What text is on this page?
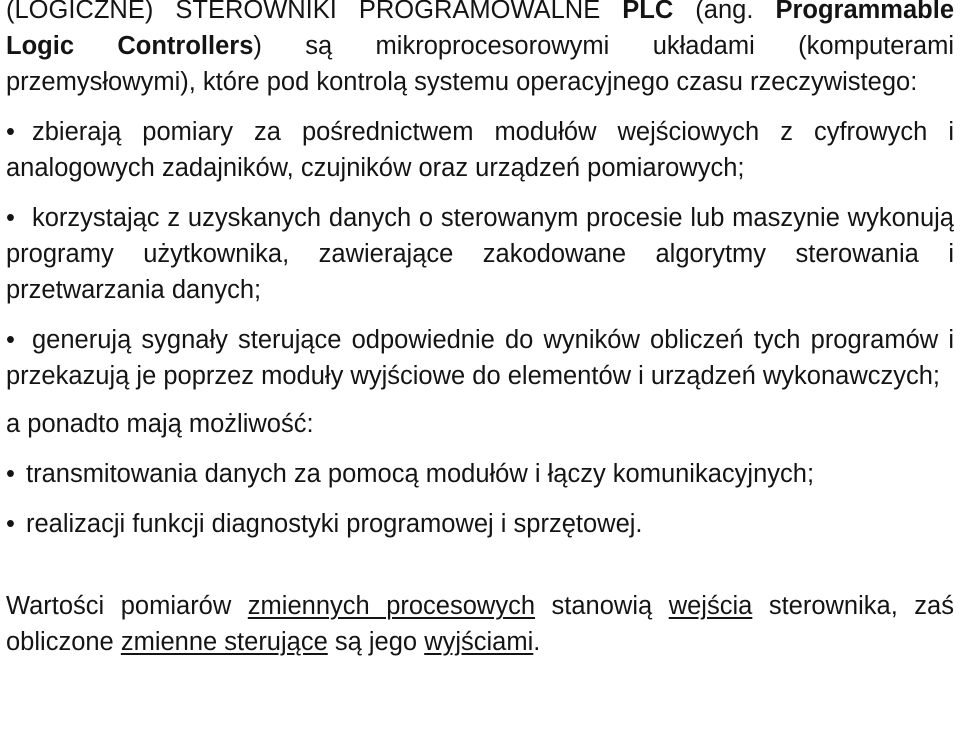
(LOGICZNE) STEROWNIKI PROGRAMOWALNE PLC (ang. Programmable Logic Controllers) są mikroprocesorowymi układami (komputerami przemysłowymi), które pod kontrolą systemu operacyjnego czasu rzeczywistego:

• zbierają pomiary za pośrednictwem modułów wejściowych z cyfrowych i analogowych zadajników, czujników oraz urządzeń pomiarowych;

• korzystając z uzyskanych danych o sterowanym procesie lub maszynie wykonują programy użytkownika, zawierające zakodowane algorytmy sterowania i przetwarzania danych;

• generują sygnały sterujące odpowiednie do wyników obliczeń tych programów i przekazują je poprzez moduły wyjściowe do elementów i urządzeń wykonawczych;

a ponadto mają możliwość:

• transmitowania danych za pomocą modułów i łączy komunikacyjnych;

• realizacji funkcji diagnostyki programowej i sprzętowej.

Wartości pomiarów zmiennych procesowych stanowią wejścia sterownika, zaś obliczone zmienne sterujące są jego wyjściami.
